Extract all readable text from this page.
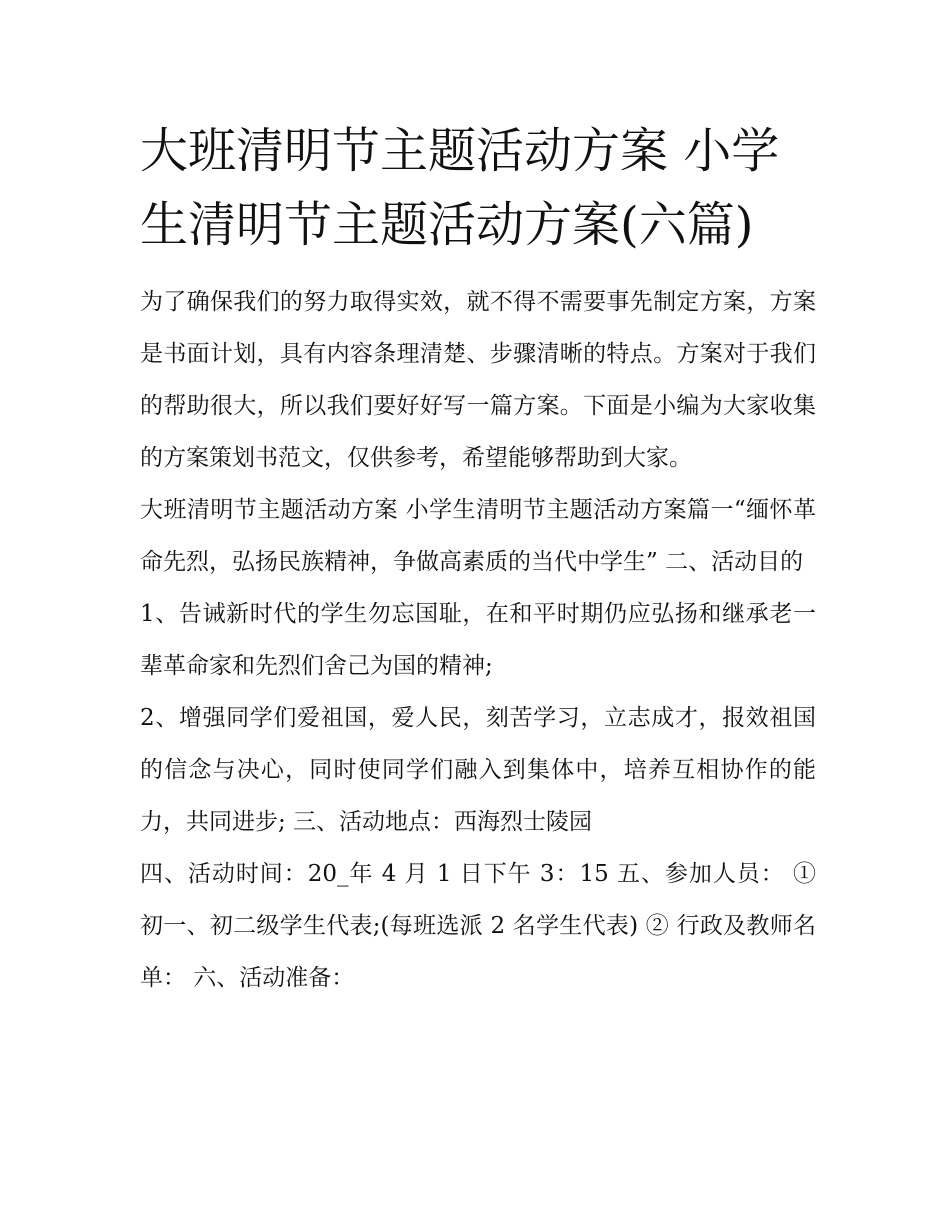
大班清明节主题活动方案 小学生清明节主题活动方案(六篇)

为了确保我们的努力取得实效，就不得不需要事先制定方案，方案是书面计划，具有内容条理清楚、步骤清晰的特点。方案对于我们的帮助很大，所以我们要好好写一篇方案。下面是小编为大家收集的方案策划书范文，仅供参考，希望能够帮助到大家。

大班清明节主题活动方案 小学生清明节主题活动方案篇一“缅怀革命先烈，弘扬民族精神，争做高素质的当代中学生” 二、活动目的

1、告诫新时代的学生勿忘国耻，在和平时期仍应弘扬和继承老一辈革命家和先烈们舍己为国的精神;

2、增强同学们爱祖国，爱人民，刻苦学习，立志成才，报效祖国的信念与决心，同时使同学们融入到集体中，培养互相协作的能力，共同进步; 三、活动地点：西海烈士陵园

四、活动时间：20_年 4 月 1 日下午 3：15 五、参加人员： ① 初一、初二级学生代表;(每班选派 2 名学生代表) ② 行政及教师名单： 六、活动准备：
